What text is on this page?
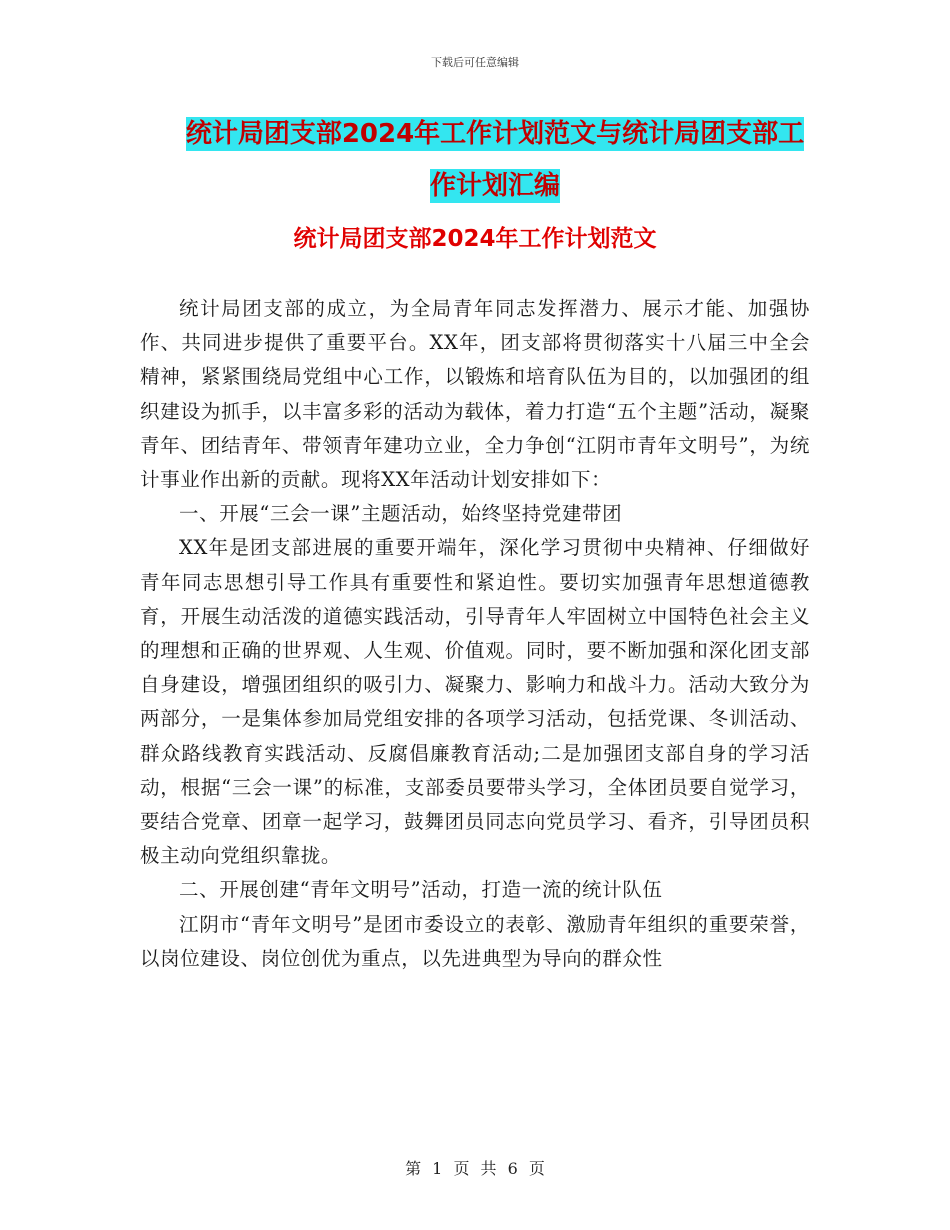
下载后可任意编辑
统计局团支部2024年工作计划范文与统计局团支部工
作计划汇编
统计局团支部2024年工作计划范文

统计局团支部的成立，为全局青年同志发挥潜力、展示才能、加强协作、共同进步提供了重要平台。XX年，团支部将贯彻落实十八届三中全会精神，紧紧围绕局党组中心工作，以锻炼和培育队伍为目的，以加强团的组织建设为抓手，以丰富多彩的活动为载体，着力打造“五个主题”活动，凝聚青年、团结青年、带领青年建功立业，全力争创“江阴市青年文明号”，为统计事业作出新的贡献。现将XX年活动计划安排如下：

一、开展“三会一课”主题活动，始终坚持党建带团

XX年是团支部进展的重要开端年，深化学习贯彻中央精神、仔细做好青年同志思想引导工作具有重要性和紧迫性。要切实加强青年思想道德教育，开展生动活泼的道德实践活动，引导青年人牢固树立中国特色社会主义的理想和正确的世界观、人生观、价值观。同时，要不断加强和深化团支部自身建设，增强团组织的吸引力、凝聚力、影响力和战斗力。活动大致分为两部分，一是集体参加局党组安排的各项学习活动，包括党课、冬训活动、群众路线教育实践活动、反腐倡廉教育活动;二是加强团支部自身的学习活动，根据“三会一课”的标准，支部委员要带头学习，全体团员要自觉学习，要结合党章、团章一起学习，鼓舞团员同志向党员学习、看齐，引导团员积极主动向党组织靠拢。

二、开展创建“青年文明号”活动，打造一流的统计队伍

江阴市“青年文明号”是团市委设立的表彰、激励青年组织的重要荣誉，以岗位建设、岗位创优为重点，以先进典型为导向的群众性

第 1 页 共 6 页
